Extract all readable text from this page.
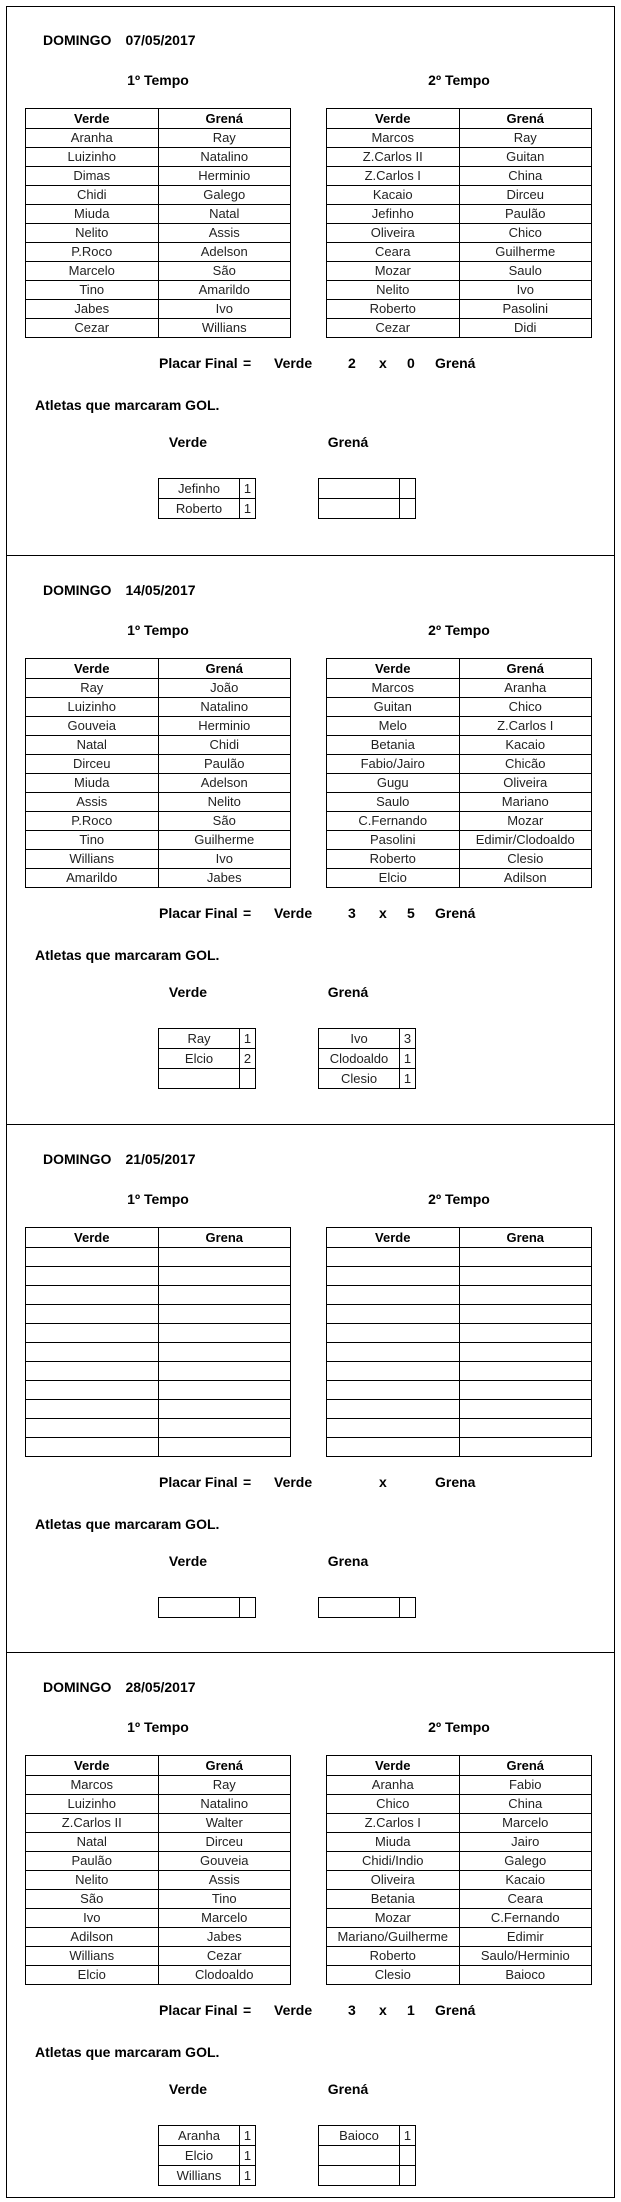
DOMINGO 07/05/2017
1º Tempo	2º Tempo
Verde	Grená
Aranha	Ray
Luizinho	Natalino
Dimas	Herminio
Chidi	Galego
Miuda	Natal
Nelito	Assis
P.Roco	Adelson
Marcelo	São
Tino	Amarildo
Jabes	Ivo
Cezar	Willians
Verde	Grená
Marcos	Ray
Z.Carlos II	Guitan
Z.Carlos I	China
Kacaio	Dirceu
Jefinho	Paulão
Oliveira	Chico
Ceara	Guilherme
Mozar	Saulo
Nelito	Ivo
Roberto	Pasolini
Cezar	Didi
Placar Final = Verde	2 x 0 Grená
Atletas que marcaram GOL.
Verde	Grená
Jefinho	1
Roberto	1

DOMINGO 14/05/2017
1º Tempo	2º Tempo
Verde	Grená
Ray	João
Luizinho	Natalino
Gouveia	Herminio
Natal	Chidi
Dirceu	Paulão
Miuda	Adelson
Assis	Nelito
P.Roco	São
Tino	Guilherme
Willians	Ivo
Amarildo	Jabes
Verde	Grená
Marcos	Aranha
Guitan	Chico
Melo	Z.Carlos I
Betania	Kacaio
Fabio/Jairo	Chicão
Gugu	Oliveira
Saulo	Mariano
C.Fernando	Mozar
Pasolini	Edimir/Clodoaldo
Roberto	Clesio
Elcio	Adilson
Placar Final = Verde	3 x 5 Grená
Atletas que marcaram GOL.
Verde	Grená
Ray	1
Elcio	2

Ivo	3
Clodoaldo	1
Clesio	1
DOMINGO 21/05/2017
1º Tempo	2º Tempo
Verde	Grena

		Verde	Grena

Placar Final = Verde	x	Grena
Atletas que marcaram GOL.
Verde	Grena

DOMINGO 28/05/2017
1º Tempo	2º Tempo
Verde	Grená
Marcos	Ray
Luizinho	Natalino
Z.Carlos II	Walter
Natal	Dirceu
Paulão	Gouveia
Nelito	Assis
São	Tino
Ivo	Marcelo
Adilson	Jabes
Willians	Cezar
Elcio	Clodoaldo
Verde	Grená
Aranha	Fabio
Chico	China
Z.Carlos I	Marcelo
Miuda	Jairo
Chidi/Indio	Galego
Oliveira	Kacaio
Betania	Ceara
Mozar	C.Fernando
Mariano/Guilherme	Edimir
Roberto	Saulo/Herminio
Clesio	Baioco
Placar Final = Verde	3 x 1 Grená
Atletas que marcaram GOL.
Verde	Grená
Aranha	1
Elcio	1
Willians	1
Baioco	1
